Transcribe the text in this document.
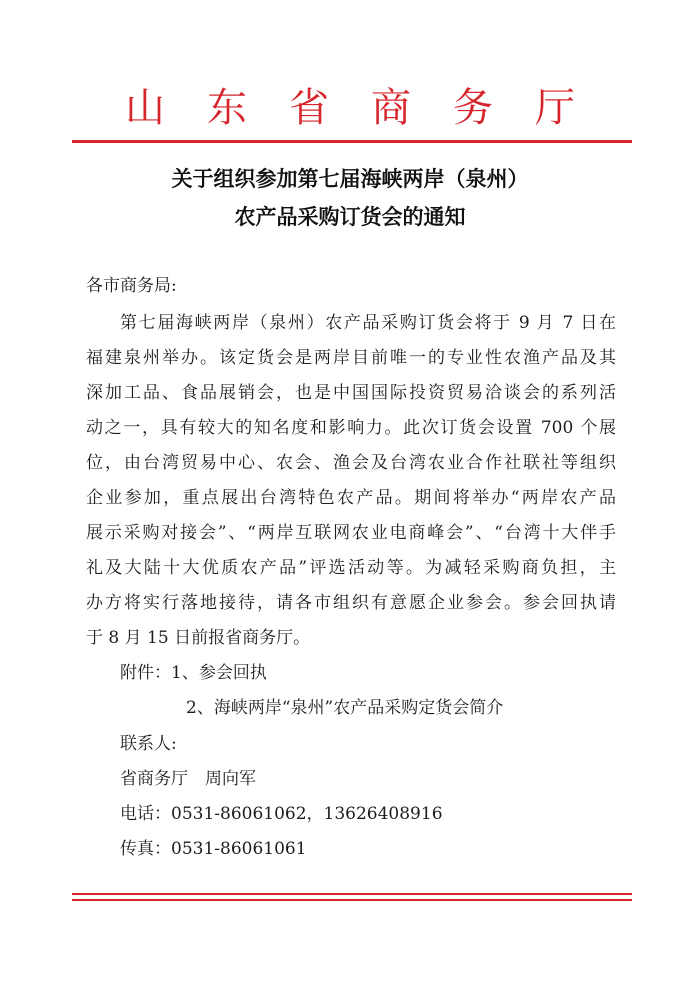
山东省商务厅
关于组织参加第七届海峡两岸（泉州）
农产品采购订货会的通知
各市商务局:
第七届海峡两岸（泉州）农产品采购订货会将于 9 月 7 日在
福建泉州举办。该定货会是两岸目前唯一的专业性农渔产品及其
深加工品、食品展销会，也是中国国际投资贸易洽谈会的系列活
动之一，具有较大的知名度和影响力。此次订货会设置 700 个展
位，由台湾贸易中心、农会、渔会及台湾农业合作社联社等组织
企业参加，重点展出台湾特色农产品。期间将举办“两岸农产品
展示采购对接会”、“两岸互联网农业电商峰会”、“台湾十大伴手
礼及大陆十大优质农产品”评选活动等。为减轻采购商负担，主
办方将实行落地接待，请各市组织有意愿企业参会。参会回执请
于 8 月 15 日前报省商务厅。
附件：1、参会回执
2、海峡两岸“泉州”农产品采购定货会简介
联系人:
省商务厅　周向军
电话：0531-86061062，13626408916
传真：0531-86061061
